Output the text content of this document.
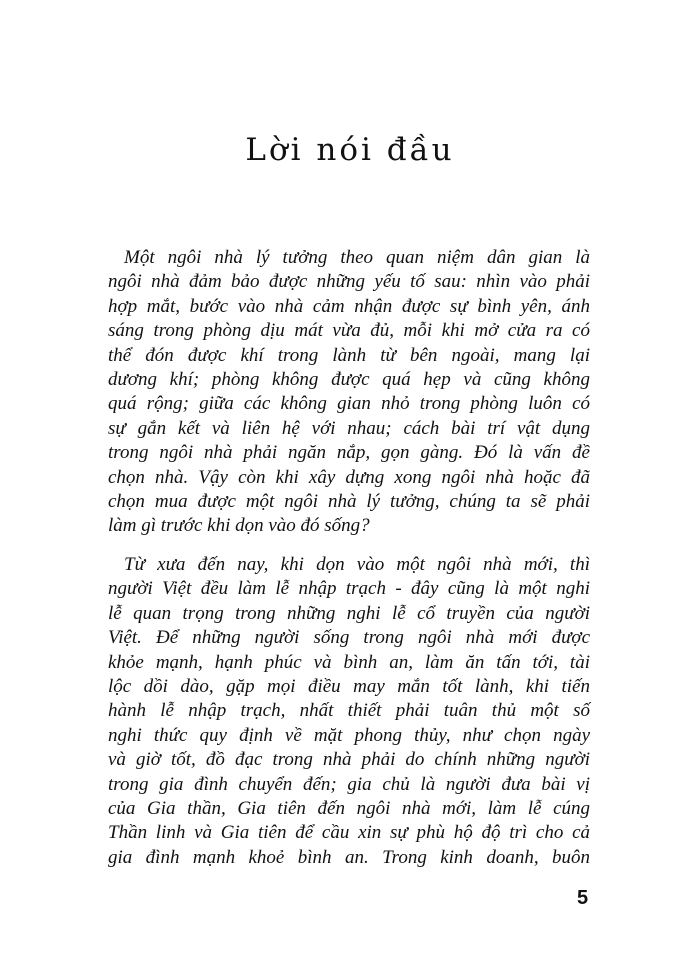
Lời nói đầu
Một ngôi nhà lý tưởng theo quan niệm dân gian là
ngôi nhà đảm bảo được những yếu tố sau: nhìn vào phải
hợp mắt, bước vào nhà cảm nhận được sự bình yên, ánh
sáng trong phòng dịu mát vừa đủ, mỗi khi mở cửa ra có
thể đón được khí trong lành từ bên ngoài, mang lại
dương khí; phòng không được quá hẹp và cũng không
quá rộng; giữa các không gian nhỏ trong phòng luôn có
sự gắn kết và liên hệ với nhau; cách bài trí vật dụng
trong ngôi nhà phải ngăn nắp, gọn gàng. Đó là vấn đề
chọn nhà. Vậy còn khi xây dựng xong ngôi nhà hoặc đã
chọn mua được một ngôi nhà lý tưởng, chúng ta sẽ phải
làm gì trước khi dọn vào đó sống?
Từ xưa đến nay, khi dọn vào một ngôi nhà mới, thì
người Việt đều làm lễ nhập trạch - đây cũng là một nghi
lễ quan trọng trong những nghi lễ cổ truyền của người
Việt. Để những người sống trong ngôi nhà mới được
khỏe mạnh, hạnh phúc và bình an, làm ăn tấn tới, tài
lộc dồi dào, gặp mọi điều may mắn tốt lành, khi tiến
hành lễ nhập trạch, nhất thiết phải tuân thủ một số
nghi thức quy định về mặt phong thủy, như chọn ngày
và giờ tốt, đồ đạc trong nhà phải do chính những người
trong gia đình chuyển đến; gia chủ là người đưa bài vị
của Gia thần, Gia tiên đến ngôi nhà mới, làm lễ cúng
Thần linh và Gia tiên để cầu xin sự phù hộ độ trì cho cả
gia đình mạnh khoẻ bình an. Trong kinh doanh, buôn
5
